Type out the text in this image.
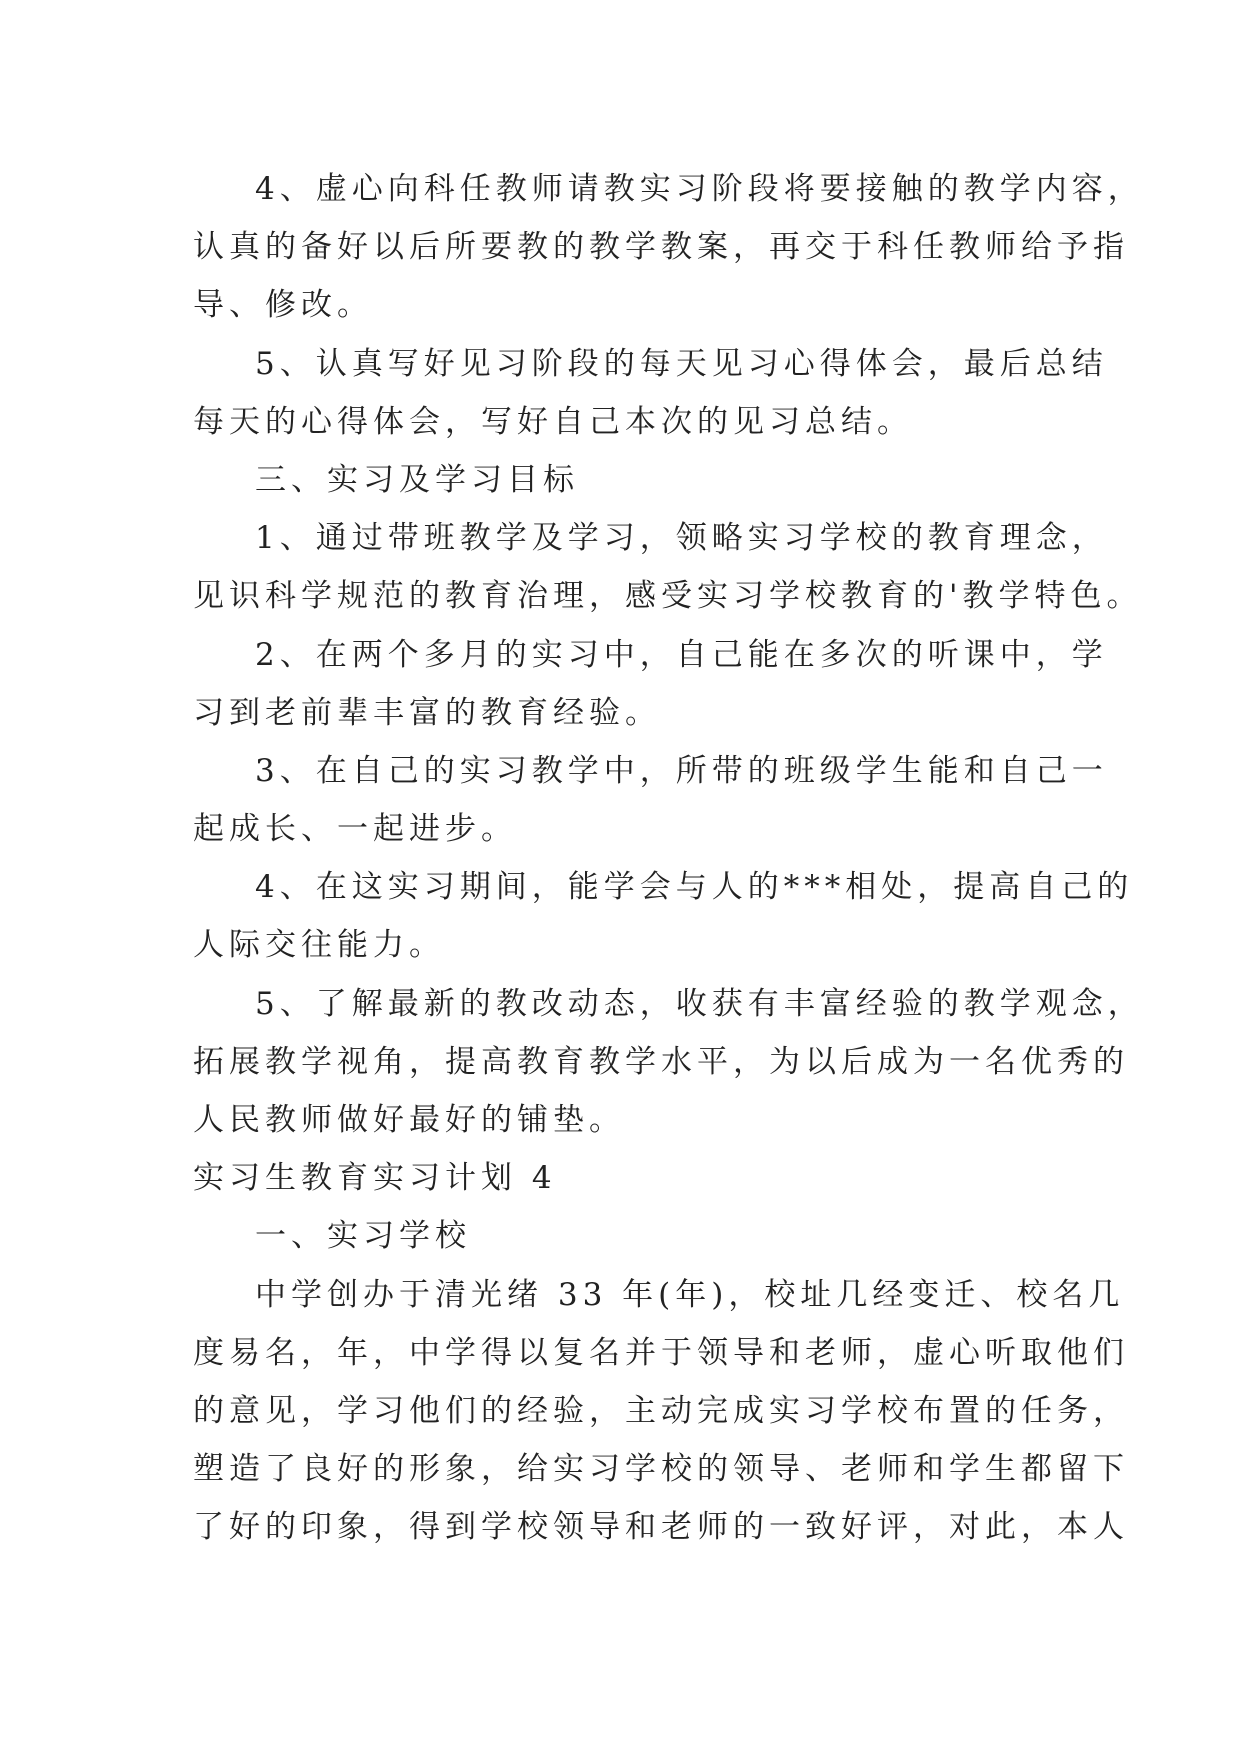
4、虚心向科任教师请教实习阶段将要接触的教学内容，
认真的备好以后所要教的教学教案，再交于科任教师给予指
导、修改。
5、认真写好见习阶段的每天见习心得体会，最后总结
每天的心得体会，写好自己本次的见习总结。
三、实习及学习目标
1、通过带班教学及学习，领略实习学校的教育理念，
见识科学规范的教育治理，感受实习学校教育的'教学特色。
2、在两个多月的实习中，自己能在多次的听课中，学
习到老前辈丰富的教育经验。
3、在自己的实习教学中，所带的班级学生能和自己一
起成长、一起进步。
4、在这实习期间，能学会与人的***相处，提高自己的
人际交往能力。
5、了解最新的教改动态，收获有丰富经验的教学观念，
拓展教学视角，提高教育教学水平，为以后成为一名优秀的
人民教师做好最好的铺垫。
实习生教育实习计划 4
一、实习学校
中学创办于清光绪 33 年(年)，校址几经变迁、校名几
度易名，年，中学得以复名并于领导和老师，虚心听取他们
的意见，学习他们的经验，主动完成实习学校布置的任务，
塑造了良好的形象，给实习学校的领导、老师和学生都留下
了好的印象，得到学校领导和老师的一致好评，对此，本人
